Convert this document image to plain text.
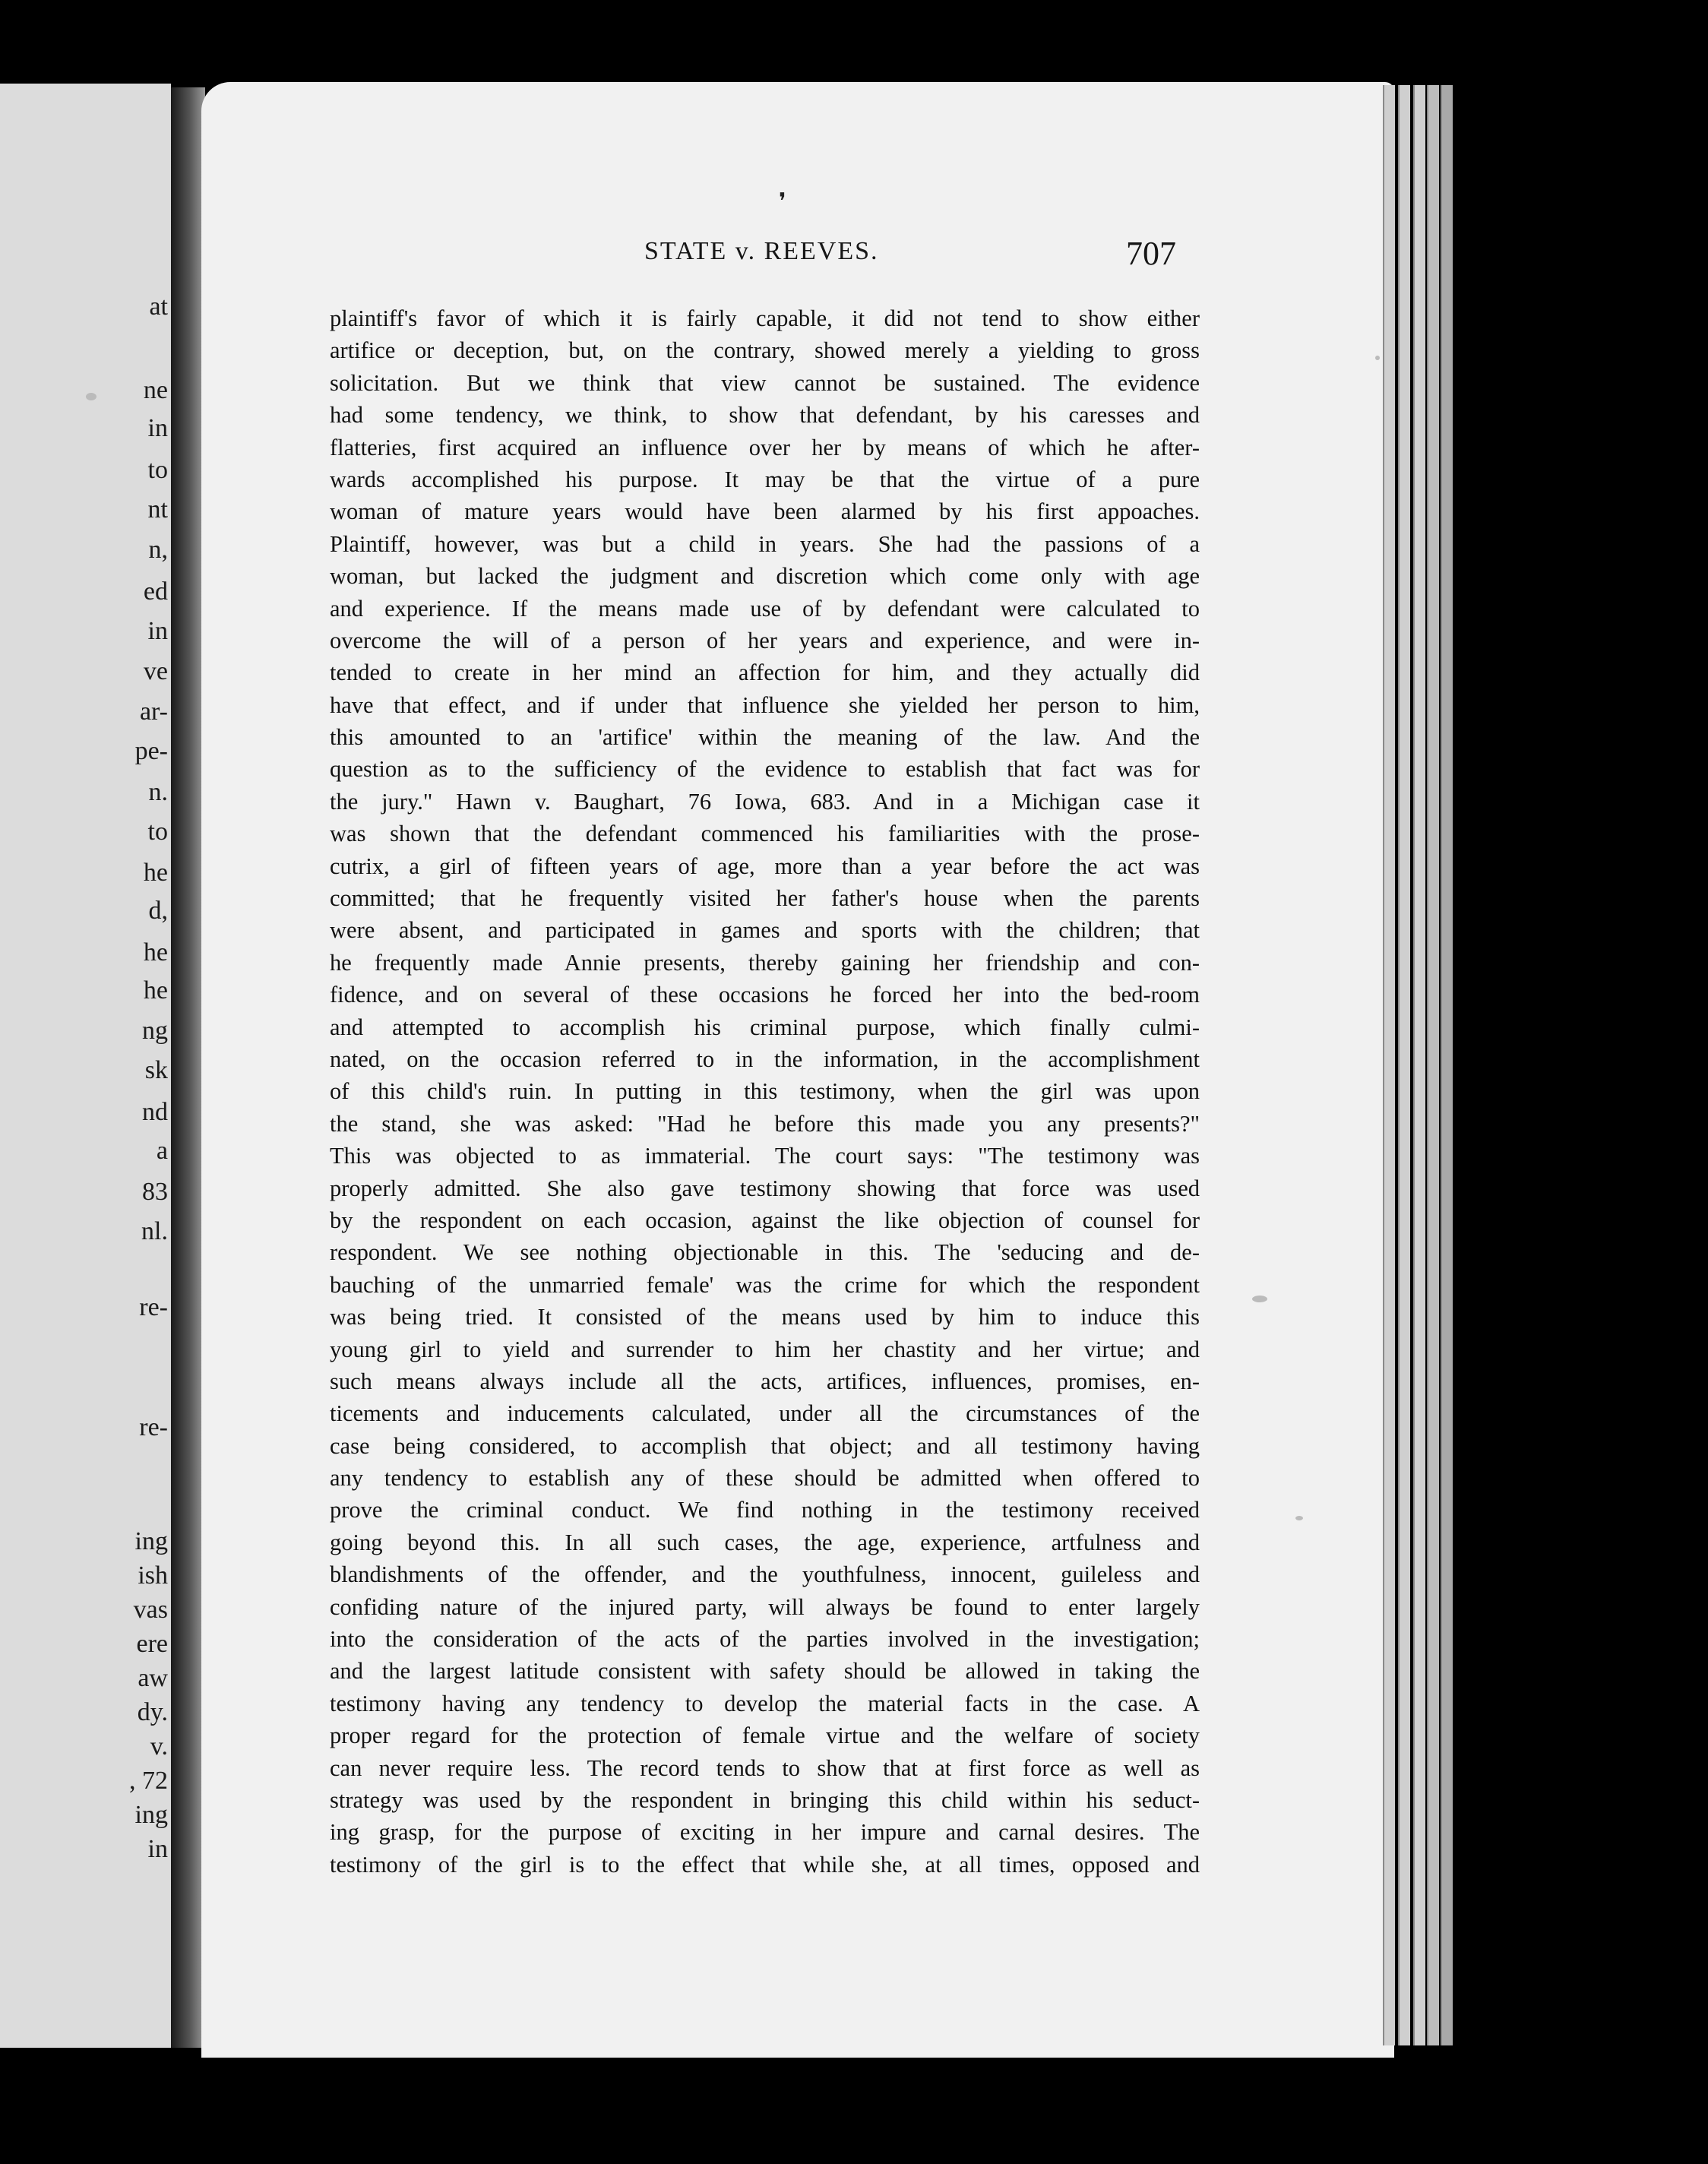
at
ne
in
to
nt
n,
ed
in
ve
ar-
pe-
n.
to
he
d,
he
he
ng
sk
nd
a
83
nl.
re-
re-
ing
ish
vas
ere
aw
dy.
v.
, 72
ing
in
❜
STATE v. REEVES.	707
plaintiff's favor of which it is fairly capable, it did not tend to show either
artifice or deception, but, on the contrary, showed merely a yielding to gross
solicitation. But we think that view cannot be sustained. The evidence
had some tendency, we think, to show that defendant, by his caresses and
flatteries, first acquired an influence over her by means of which he after-
wards accomplished his purpose. It may be that the virtue of a pure
woman of mature years would have been alarmed by his first appoaches.
Plaintiff, however, was but a child in years. She had the passions of a
woman, but lacked the judgment and discretion which come only with age
and experience. If the means made use of by defendant were calculated to
overcome the will of a person of her years and experience, and were in-
tended to create in her mind an affection for him, and they actually did
have that effect, and if under that influence she yielded her person to him,
this amounted to an 'artifice' within the meaning of the law. And the
question as to the sufficiency of the evidence to establish that fact was for
the jury." Hawn v. Baughart, 76 Iowa, 683. And in a Michigan case it
was shown that the defendant commenced his familiarities with the prose-
cutrix, a girl of fifteen years of age, more than a year before the act was
committed; that he frequently visited her father's house when the parents
were absent, and participated in games and sports with the children; that
he frequently made Annie presents, thereby gaining her friendship and con-
fidence, and on several of these occasions he forced her into the bed-room
and attempted to accomplish his criminal purpose, which finally culmi-
nated, on the occasion referred to in the information, in the accomplishment
of this child's ruin. In putting in this testimony, when the girl was upon
the stand, she was asked: "Had he before this made you any presents?"
This was objected to as immaterial. The court says: "The testimony was
properly admitted. She also gave testimony showing that force was used
by the respondent on each occasion, against the like objection of counsel for
respondent. We see nothing objectionable in this. The 'seducing and de-
bauching of the unmarried female' was the crime for which the respondent
was being tried. It consisted of the means used by him to induce this
young girl to yield and surrender to him her chastity and her virtue; and
such means always include all the acts, artifices, influences, promises, en-
ticements and inducements calculated, under all the circumstances of the
case being considered, to accomplish that object; and all testimony having
any tendency to establish any of these should be admitted when offered to
prove the criminal conduct. We find nothing in the testimony received
going beyond this. In all such cases, the age, experience, artfulness and
blandishments of the offender, and the youthfulness, innocent, guileless and
confiding nature of the injured party, will always be found to enter largely
into the consideration of the acts of the parties involved in the investigation;
and the largest latitude consistent with safety should be allowed in taking the
testimony having any tendency to develop the material facts in the case. A
proper regard for the protection of female virtue and the welfare of society
can never require less. The record tends to show that at first force as well as
strategy was used by the respondent in bringing this child within his seduct-
ing grasp, for the purpose of exciting in her impure and carnal desires. The
testimony of the girl is to the effect that while she, at all times, opposed and
